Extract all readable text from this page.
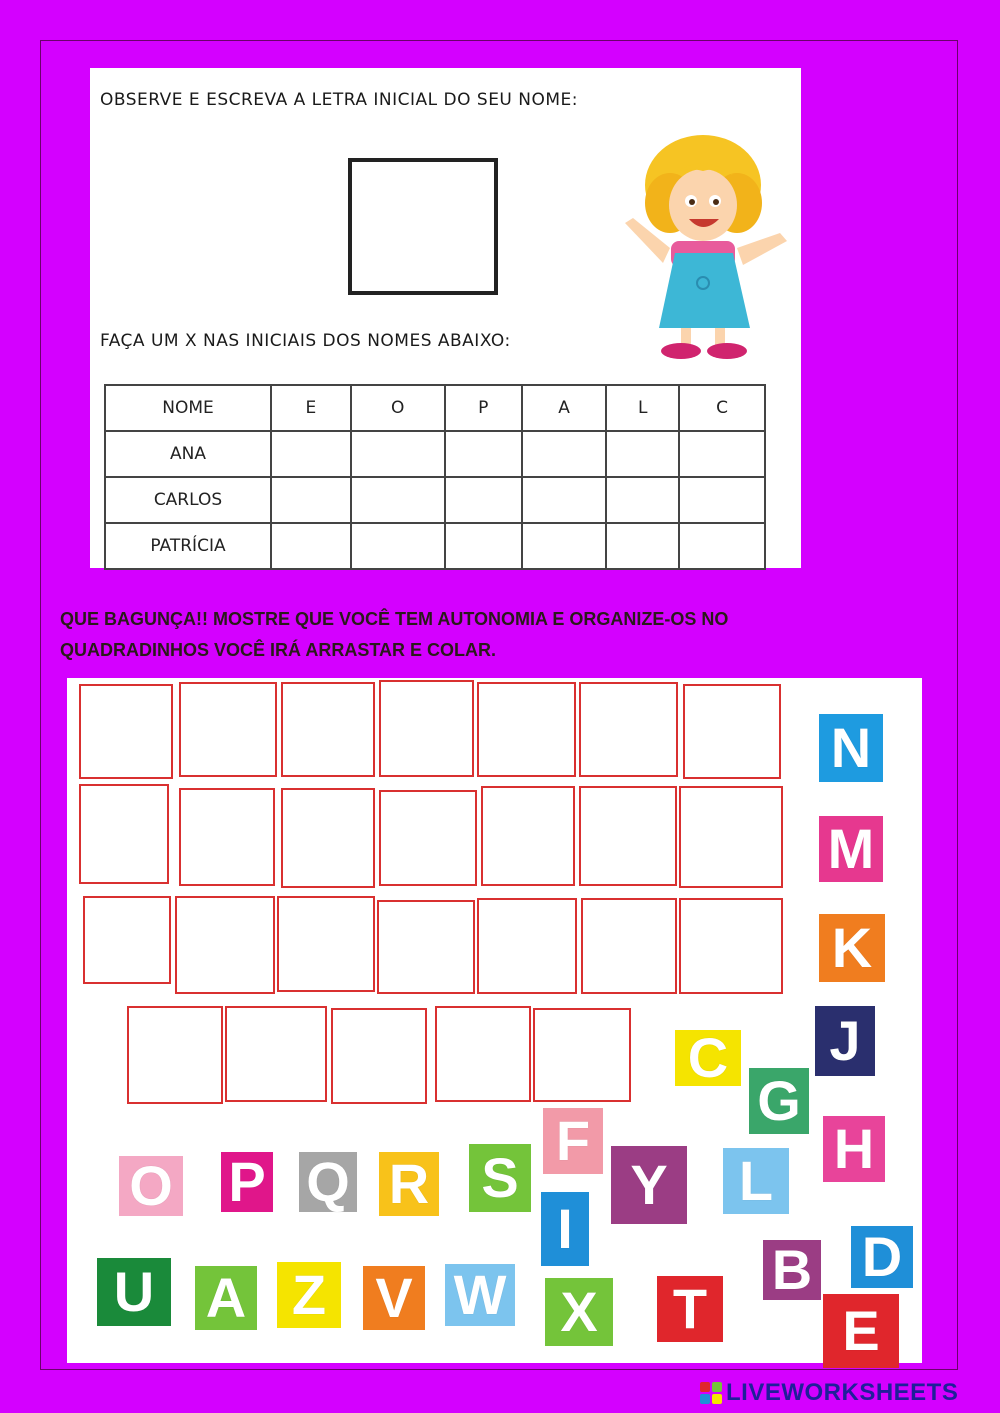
OBSERVE E ESCREVA A LETRA INICIAL DO SEU NOME:
FAÇA UM X NAS INICIAIS DOS NOMES ABAIXO:
NOME	E	O	P	A	L	C
ANA						
CARLOS						
PATRÍCIA						
QUE BAGUNÇA!! MOSTRE QUE VOCÊ TEM AUTONOMIA E ORGANIZE-OS NO
QUADRADINHOS VOCÊ IRÁ ARRASTAR E COLAR.
N
M
K
J
C
G
H
F
O P Q R S
I
Y	L
B D
U A Z V W X T	E
LIVEWORKSHEETS
